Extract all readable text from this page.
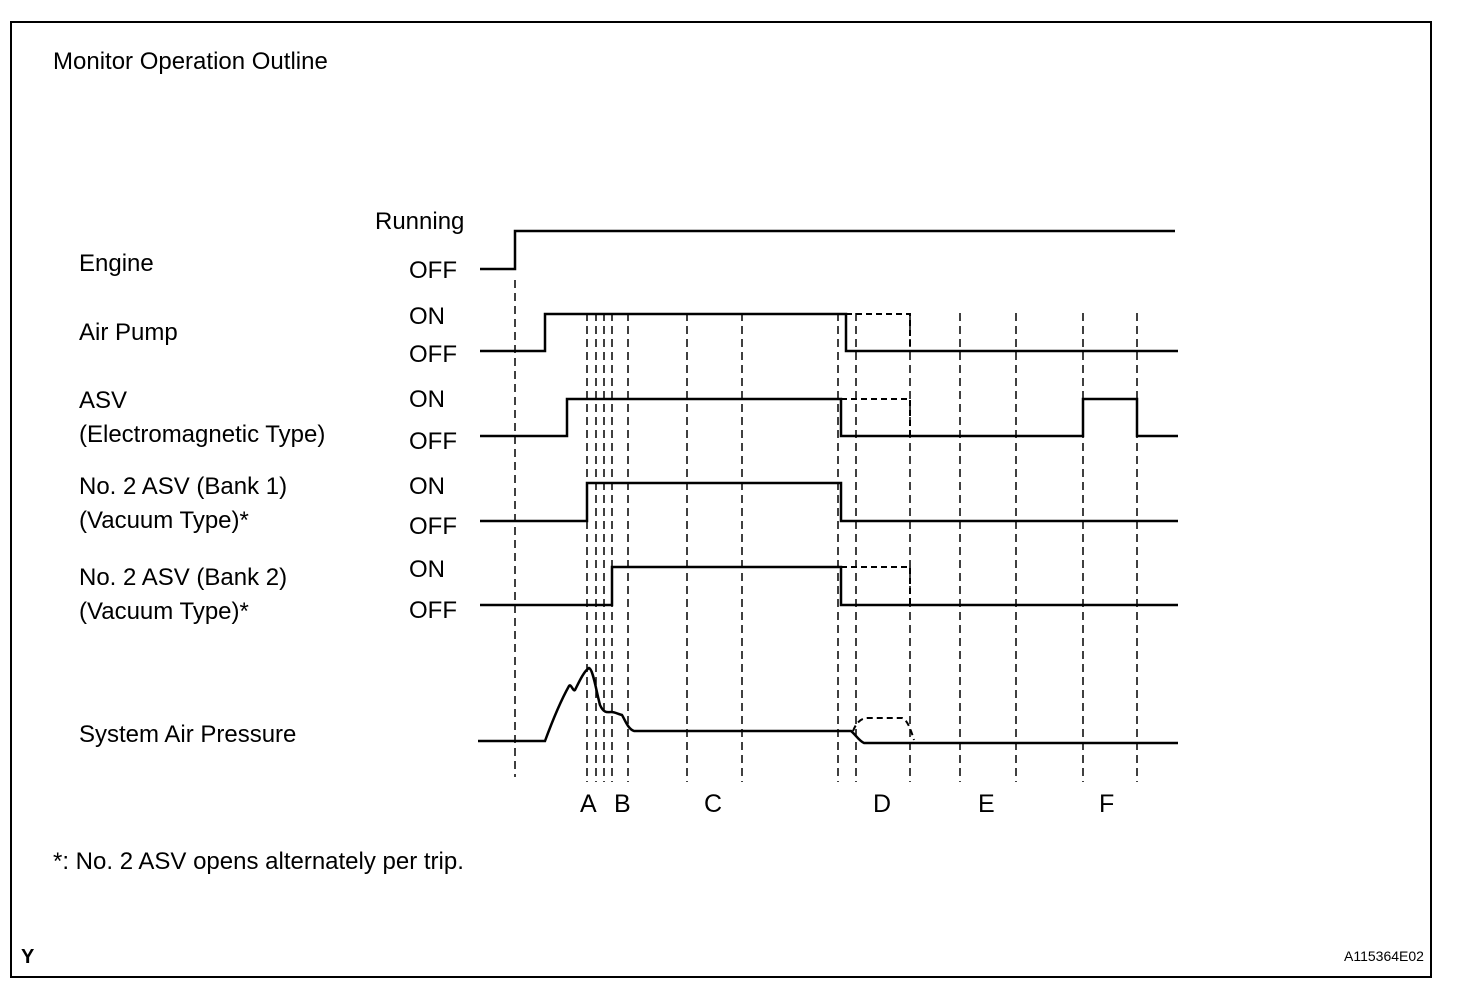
Monitor Operation Outline
Engine
Air Pump
ASV
(Electromagnetic Type)
No. 2 ASV (Bank 1)
(Vacuum Type)*
No. 2 ASV (Bank 2)
(Vacuum Type)*
System Air Pressure
Running
OFF
ON
OFF
ON
OFF
ON
OFF
ON
OFF
A B	C	D	E	F
*: No. 2 ASV opens alternately per trip.
Y	A115364E02
